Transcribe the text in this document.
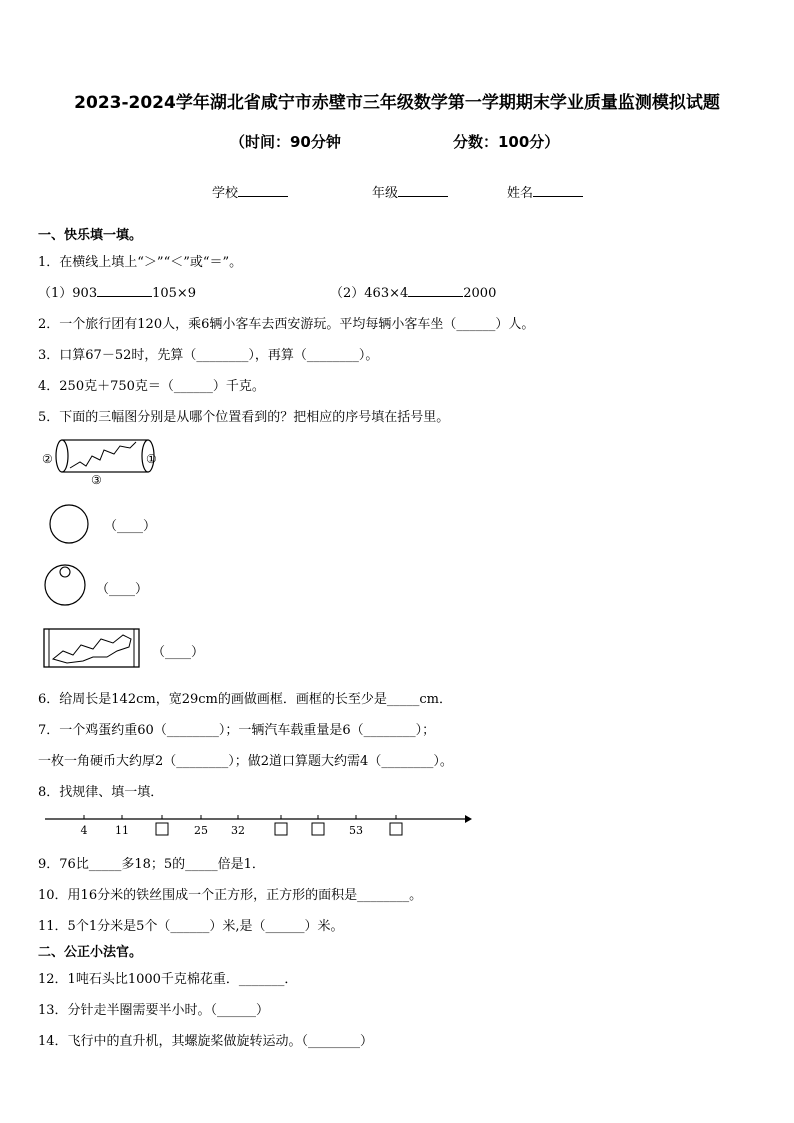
2023-2024学年湖北省咸宁市赤壁市三年级数学第一学期期末学业质量监测模拟试题
（时间：90分钟	分数：100分）
学校	年级	姓名
一、快乐填一填。
1．在横线上填上“＞”“＜”或“＝”。
（1）903	105×9	（2）463×4	2000
2．一个旅行团有120人，乘6辆小客车去西安游玩。平均每辆小客车坐（______）人。
3．口算67－52时，先算（________），再算（________）。
4．250克＋750克＝（______）千克。
5．下面的三幅图分别是从哪个位置看到的？把相应的序号填在括号里。
②	①
③
（____）
（____）
（____）
6．给周长是142cm，宽29cm的画做画框．画框的长至少是_____cm．
7．一个鸡蛋约重60（________）；一辆汽车载重量是6（________）；
一枚一角硬币大约厚2（________）；做2道口算题大约需4（________）。
8．找规律、填一填．
4	11	25 32	53
9．76比_____多18；5的_____倍是1．
10．用16分米的铁丝围成一个正方形，正方形的面积是________。
11．5个1分米是5个（______）米,是（______）米。
二、公正小法官。
12．1吨石头比1000千克棉花重．_______．
13．分针走半圈需要半小时。（______）
14．飞行中的直升机，其螺旋桨做旋转运动。（________）
